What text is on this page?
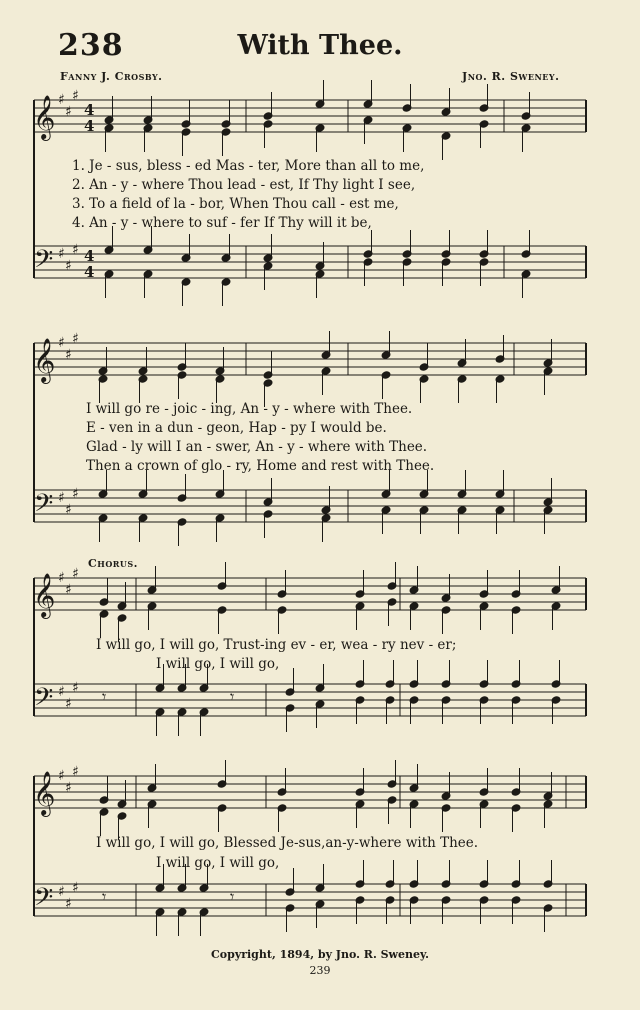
𝄞 ♯
♯
♯
4
4
𝄢 ♯
♯
♯ 4
4
𝄞 ♯
♯
♯
𝄢 ♯
♯
♯
𝄞 ♯
♯
♯
𝄢 ♯
♯
♯ 𝄾	𝄾
𝄞 ♯
♯
♯
𝄢 ♯
♯
♯ 𝄾	𝄾
238	With Thee.
Fanny J. Crosby.	Jno. R. Sweney.
1. Je - sus, bless - ed Mas - ter, More than all to me,
2. An - y - where Thou lead - est, If Thy light I see,
3. To a field of la - bor, When Thou call - est me,
4. An - y - where to suf - fer If Thy will it be,
I will go re - joic - ing, An - y - where with Thee.
E - ven in a dun - geon, Hap - py I would be.
Glad - ly will I an - swer, An - y - where with Thee.
Then a crown of glo - ry, Home and rest with Thee.
Chorus.
I will go, I will go, Trust-ing ev - er, wea - ry nev - er;
I will go, I will go,
I will go, I will go, Blessed Je-sus,an-y-where with Thee.
I will go, I will go,
Copyright, 1894, by Jno. R. Sweney.
239
